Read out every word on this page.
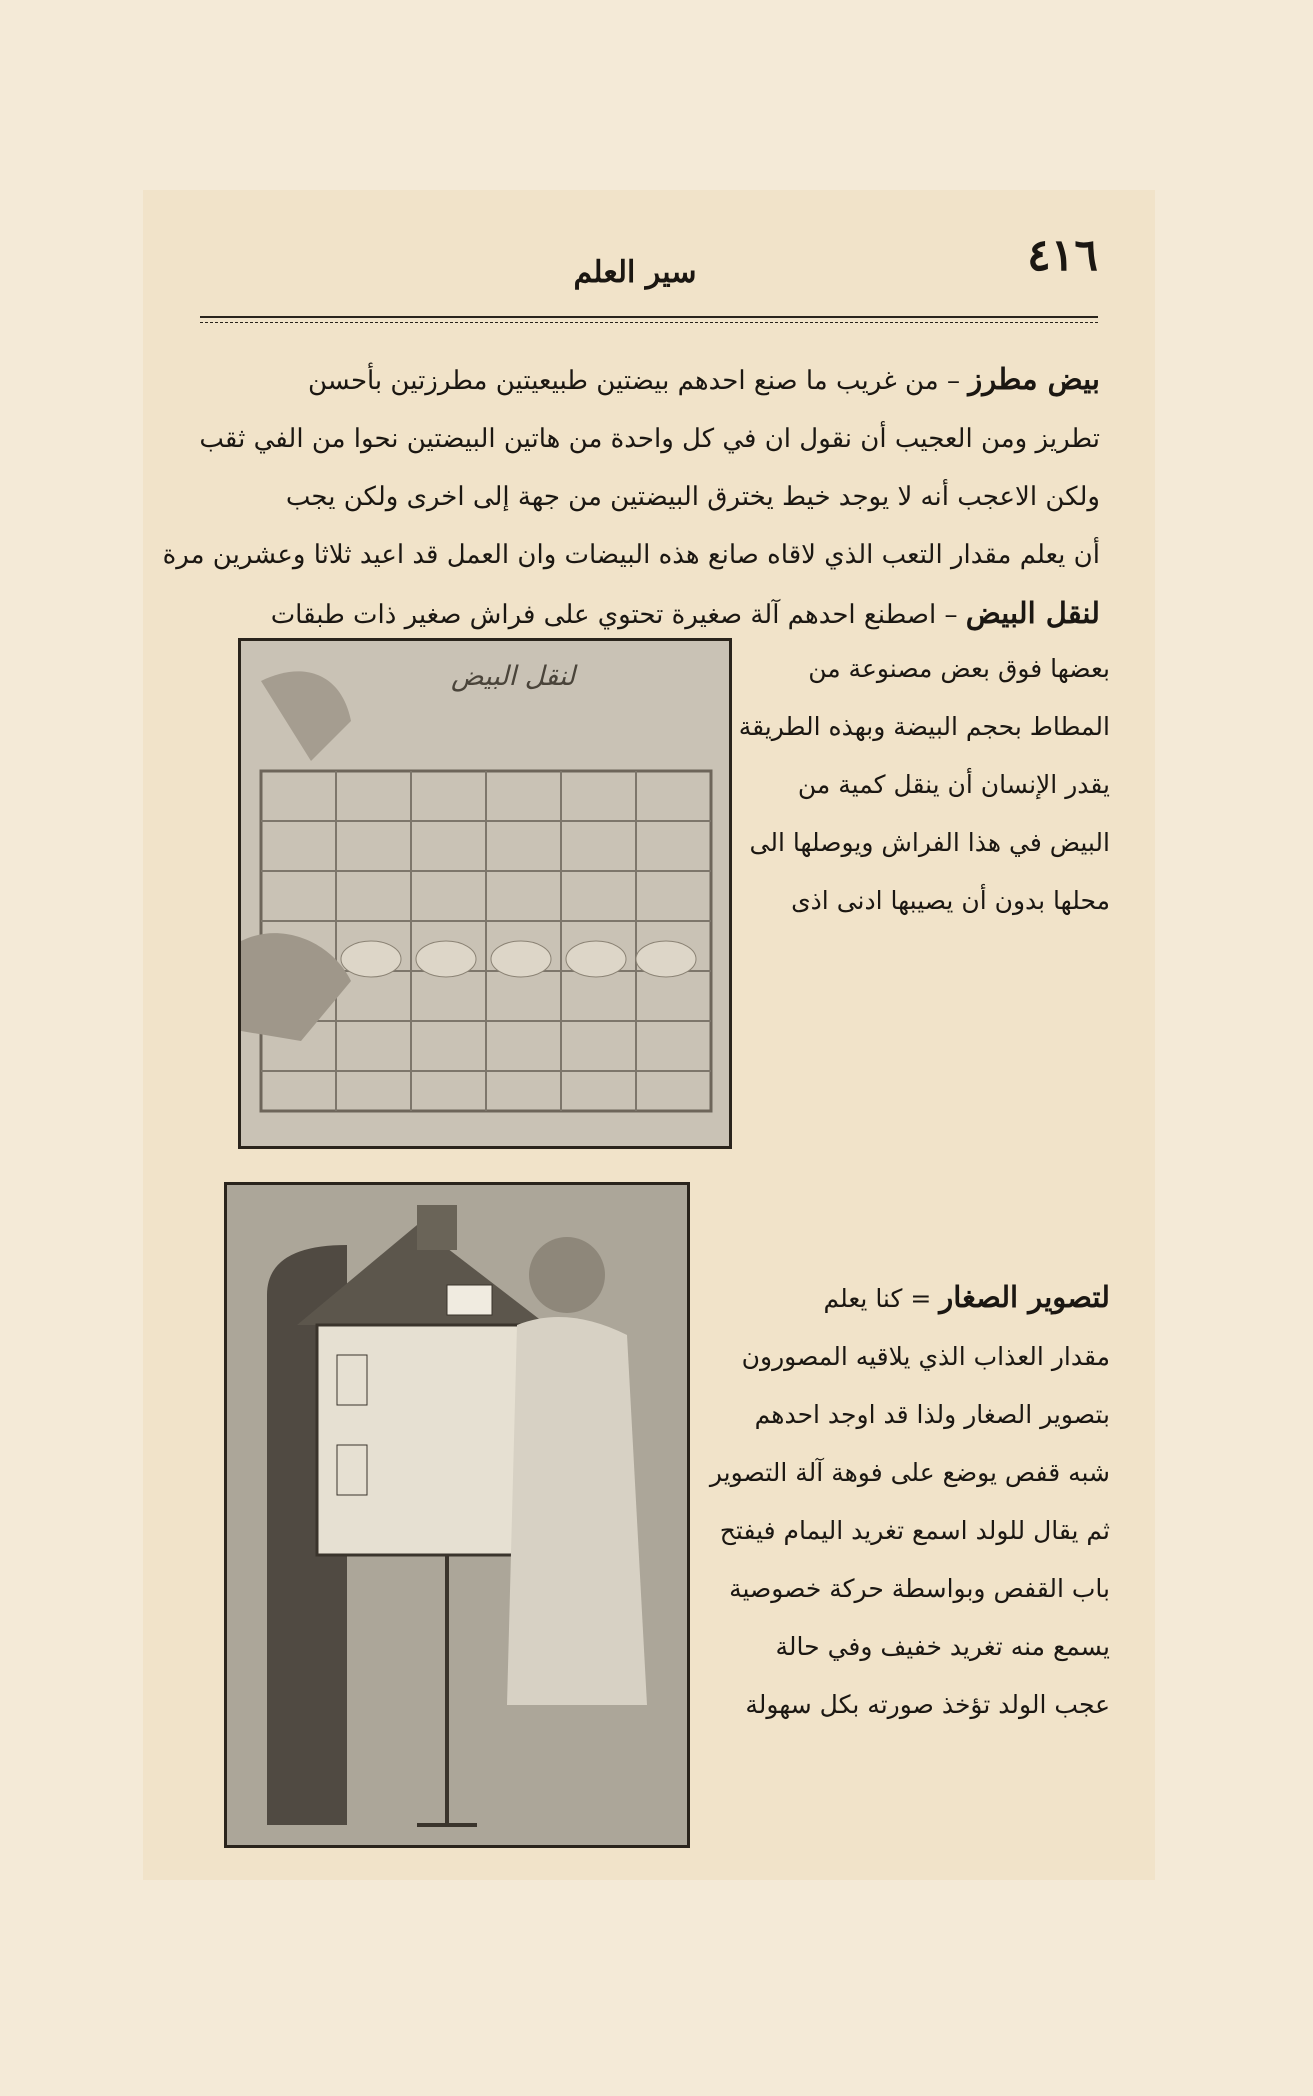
٤١٦
سير العلم
بيض مطرز – من غريب ما صنع احدهم بيضتين طبيعيتين مطرزتين بأحسن
تطريز ومن العجيب أن نقول ان في كل واحدة من هاتين البيضتين نحوا من الفي ثقب
ولكن الاعجب أنه لا يوجد خيط يخترق البيضتين من جهة إلى اخرى ولكن يجب
أن يعلم مقدار التعب الذي لاقاه صانع هذه البيضات وان العمل قد اعيد ثلاثا وعشرين مرة
لنقل البيض – اصطنع احدهم آلة صغيرة تحتوي على فراش صغير ذات طبقات
بعضها فوق بعض مصنوعة من
المطاط بحجم البيضة وبهذه الطريقة
يقدر الإنسان أن ينقل كمية من
البيض في هذا الفراش ويوصلها الى
محلها بدون أن يصيبها ادنى اذى
لنقل البيض
لتصوير الصغار = كنا يعلم
مقدار العذاب الذي يلاقيه المصورون
بتصوير الصغار ولذا قد اوجد احدهم
شبه قفص يوضع على فوهة آلة التصوير
ثم يقال للولد اسمع تغريد اليمام فيفتح
باب القفص وبواسطة حركة خصوصية
يسمع منه تغريد خفيف وفي حالة
عجب الولد تؤخذ صورته بكل سهولة
